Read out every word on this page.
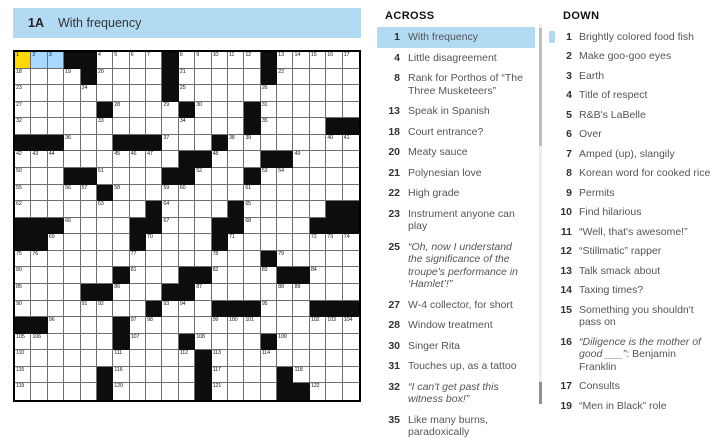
1A With frequency
1 2 3	4 5 6 7	8 9 10 11 12	13 14 15 16 17
18	19	20	21	22
23	24	25	26
27	28	29	30	31
32	33	34	35
36	37	38 39	40 41
42 43 44	45 46 47	48	49
50	51	52	53 54
55	56 57	58	59 60	61
62	63	64	65
66	67	68
69	70	71	72 73 74
75 76	77	78	79
80	81	82	83	84
85	86	87	88 89
90	91 92	93 94	95
96	97 98	99 100 101	102 103 104
105 106	107	108	109
110	111	112	113	114
115	116	117	118
119	120	121	122
ACROSS
1 With frequency
4 Little disagreement
8 Rank for Porthos of “The Three Musketeers”
13 Speak in Spanish
18 Court entrance?
20 Meaty sauce
21 Polynesian love
22 High grade
23 Instrument anyone can play
25 “Oh, now I understand the significance of the troupe's performance in ‘Hamlet’!”
27 W-4 collector, for short
28 Window treatment
30 Singer Rita
31 Touches up, as a tattoo
32 “I can't get past this witness box!”
35 Like many burns, paradoxically
DOWN
1 Brightly colored food fish
2 Make goo-goo eyes
3 Earth
4 Title of respect
5 R&B's LaBelle
6 Over
7 Amped (up), slangily
8 Korean word for cooked rice
9 Permits
10 Find hilarious
11 “Well, that's awesome!”
12 “Stillmatic” rapper
13 Talk smack about
14 Taxing times?
15 Something you shouldn't pass on
16 “Diligence is the mother of good ___”: Benjamin Franklin
17 Consults
19 “Men in Black” role
